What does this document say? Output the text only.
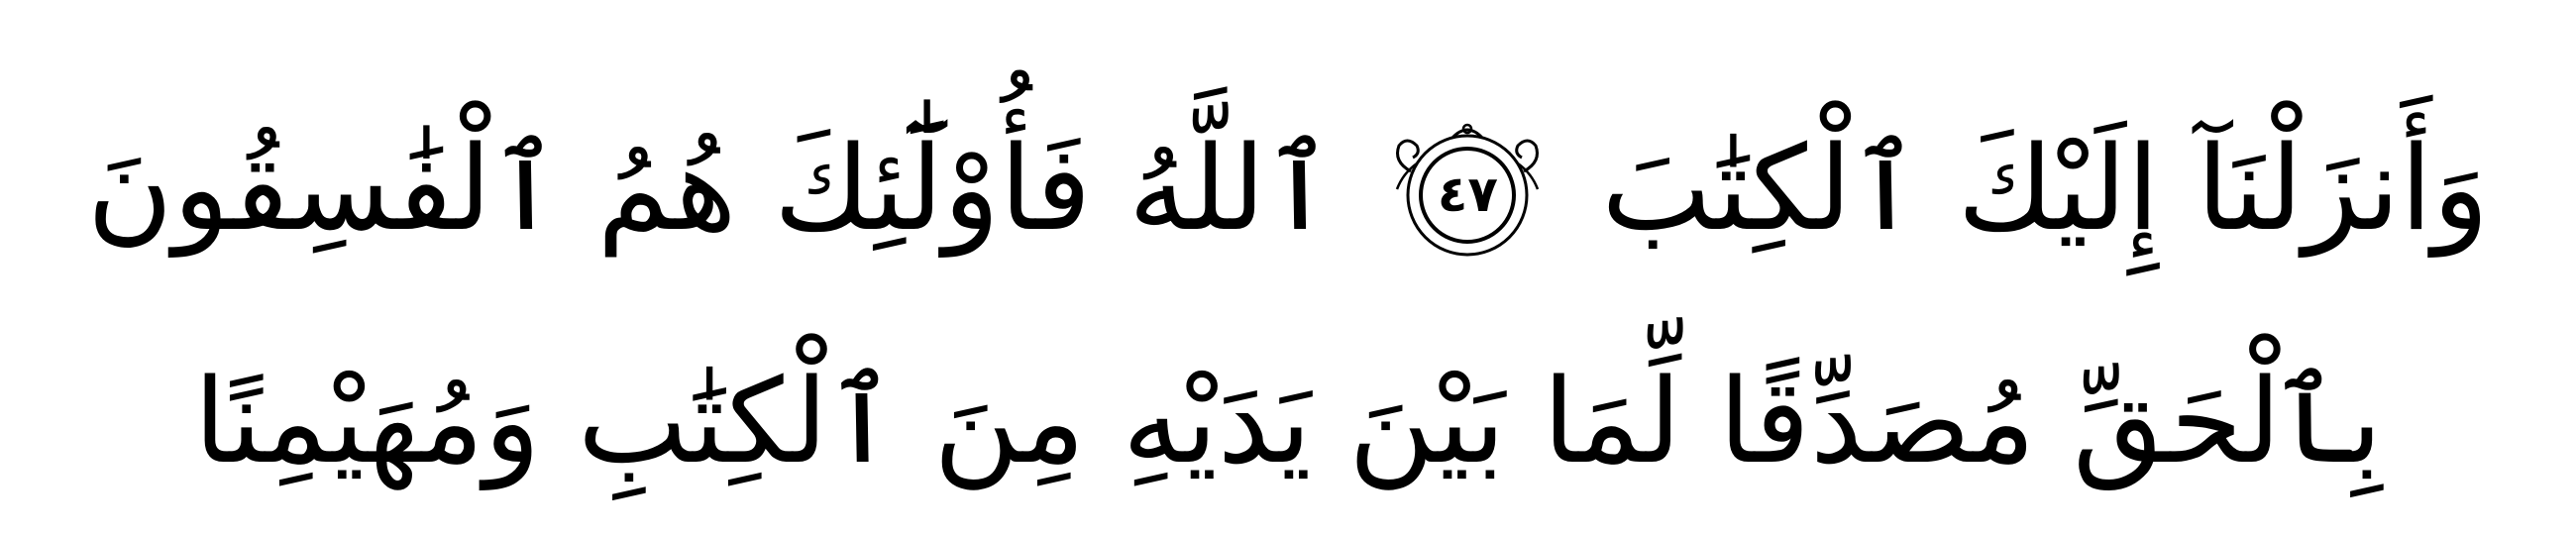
ٱللَّهُ فَأُوْلَٰٓئِكَ هُمُ ٱلْفَٰسِقُونَ	٤٧ وَأَنزَلْنَآ إِلَيْكَ ٱلْكِتَٰبَ
بِٱلْحَقِّ مُصَدِّقًا لِّمَا بَيْنَ يَدَيْهِ مِنَ ٱلْكِتَٰبِ وَمُهَيْمِنًا
